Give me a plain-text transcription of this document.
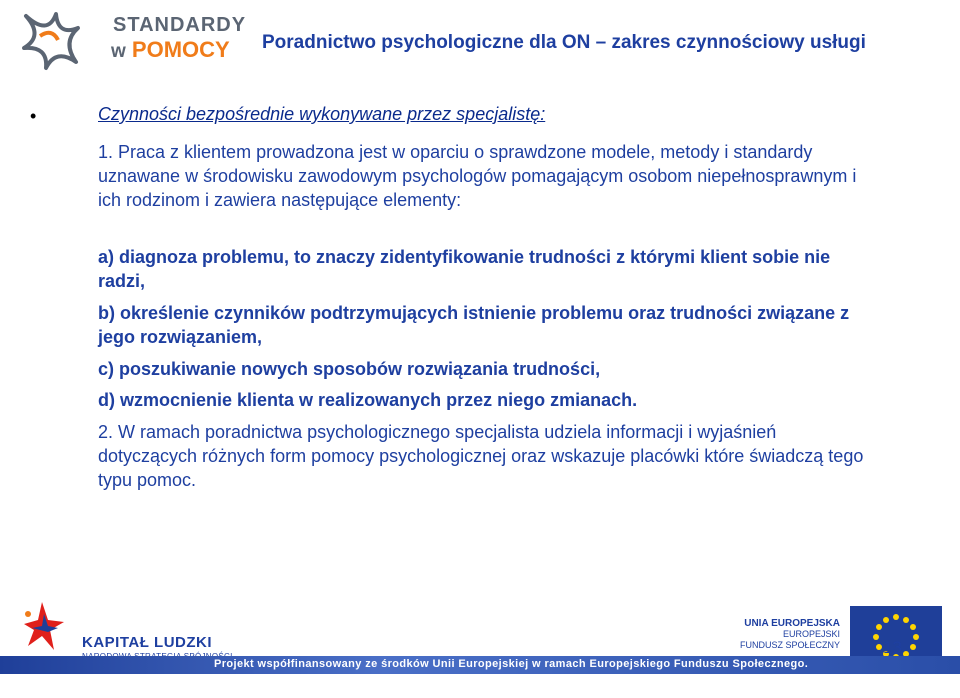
STANDARDY
w POMOCY Poradnictwo psychologiczne dla ON – zakres czynnościowy usługi
•	Czynności bezpośrednie wykonywane przez specjalistę:
1. Praca z klientem prowadzona jest w oparciu o sprawdzone modele, metody i standardy uznawane w środowisku zawodowym psychologów pomagającym osobom niepełnosprawnym i ich rodzinom i zawiera następujące elementy:
a) diagnoza problemu, to znaczy zidentyfikowanie trudności z którymi klient sobie nie radzi,
b) określenie czynników podtrzymujących istnienie problemu oraz trudności związane z jego rozwiązaniem,
c) poszukiwanie nowych sposobów rozwiązania trudności,
d) wzmocnienie klienta w realizowanych przez niego zmianach.
2. W ramach poradnictwa psychologicznego specjalista udziela informacji i wyjaśnień dotyczących różnych form pomocy psychologicznej oraz wskazuje placówki które świadczą tego typu pomoc.
KAPITAŁ LUDZKI
UNIA EUROPEJSKA
EUROPEJSKI
FUNDUSZ SPOŁECZNY
Projekt współfinansowany ze środków Unii Europejskiej w ramach Europejskiego Funduszu Społecznego.
13
